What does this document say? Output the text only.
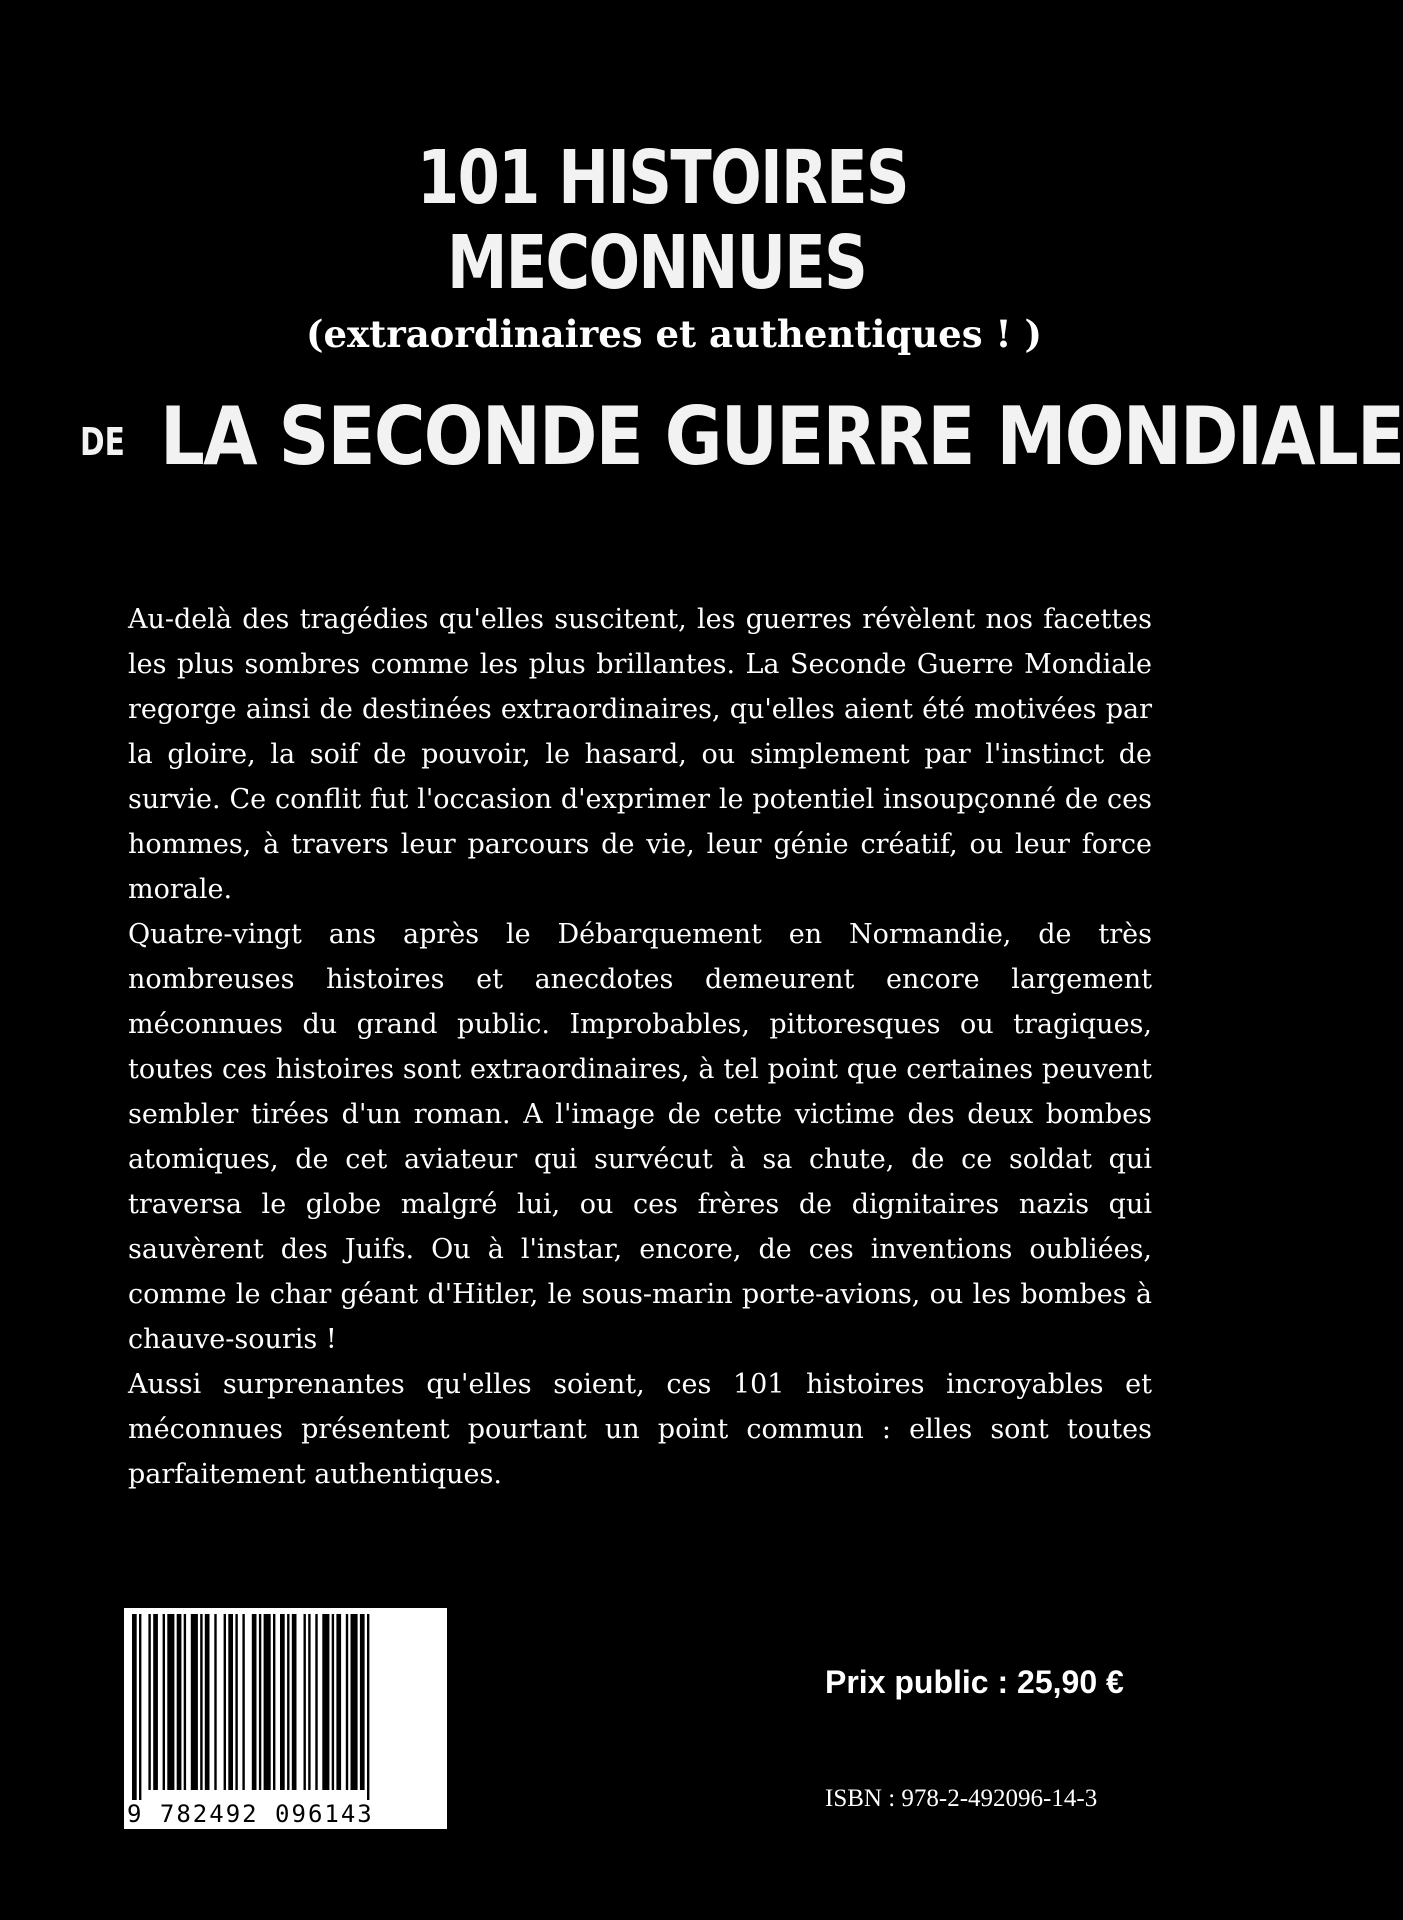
101 HISTOIRES
MECONNUES
(extraordinaires et authentiques ! )
DE LA SECONDE GUERRE MONDIALE

Au-delà des tragédies qu'elles suscitent, les guerres révèlent nos facettes les plus sombres comme les plus brillantes. La Seconde Guerre Mondiale regorge ainsi de destinées extraordinaires, qu'elles aient été motivées par la gloire, la soif de pouvoir, le hasard, ou simplement par l'instinct de survie. Ce conflit fut l'occasion d'exprimer le potentiel insoupçonné de ces hommes, à travers leur parcours de vie, leur génie créatif, ou leur force morale.

Quatre-vingt ans après le Débarquement en Normandie, de très nombreuses histoires et anecdotes demeurent encore largement méconnues du grand public. Improbables, pittoresques ou tragiques, toutes ces histoires sont extraordinaires, à tel point que certaines peuvent sembler tirées d'un roman. A l'image de cette victime des deux bombes atomiques, de cet aviateur qui survécut à sa chute, de ce soldat qui traversa le globe malgré lui, ou ces frères de dignitaires nazis qui sauvèrent des Juifs. Ou à l'instar, encore, de ces inventions oubliées, comme le char géant d'Hitler, le sous-marin porte-avions, ou les bombes à chauve-souris !

Aussi surprenantes qu'elles soient, ces 101 histoires incroyables et méconnues présentent pourtant un point commun : elles sont toutes parfaitement authentiques.

9 782492 096143
Prix public : 25,90 €
ISBN : 978-2-492096-14-3
